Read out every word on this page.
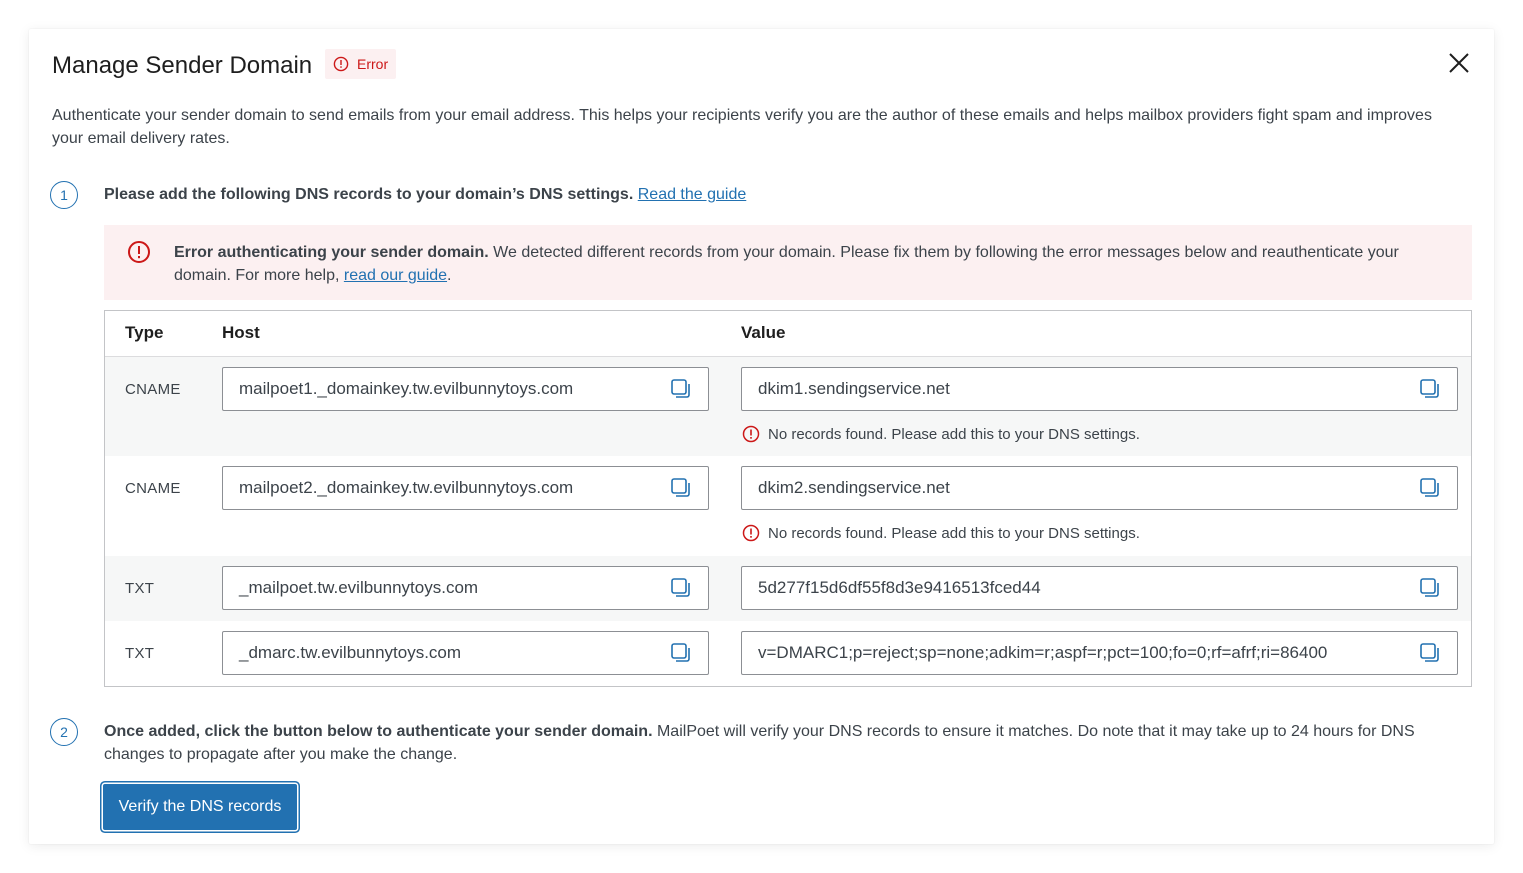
Manage Sender Domain	Error

Authenticate your sender domain to send emails from your email address. This helps your recipients verify you are the author of these emails and helps mailbox providers fight spam and improves your email delivery rates.

1	Please add the following DNS records to your domain’s DNS settings. Read the guide

Error authenticating your sender domain. We detected different records from your domain. Please fix them by following the error messages below and reauthenticate your domain. For more help, read our guide.
Type	Host	Value
CNAME	mailpoet1._domainkey.tw.evilbunnytoys.com	dkim1.sendingservice.net
No records found. Please add this to your DNS settings.
CNAME	mailpoet2._domainkey.tw.evilbunnytoys.com	dkim2.sendingservice.net
No records found. Please add this to your DNS settings.
TXT	_mailpoet.tw.evilbunnytoys.com	5d277f15d6df55f8d3e9416513fced44
TXT	_dmarc.tw.evilbunnytoys.com	v=DMARC1;p=reject;sp=none;adkim=r;aspf=r;pct=100;fo=0;rf=afrf;ri=86400
2	Once added, click the button below to authenticate your sender domain. MailPoet will verify your DNS records to ensure it matches. Do note that it may take up to 24 hours for DNS changes to propagate after you make the change.

Verify the DNS records
